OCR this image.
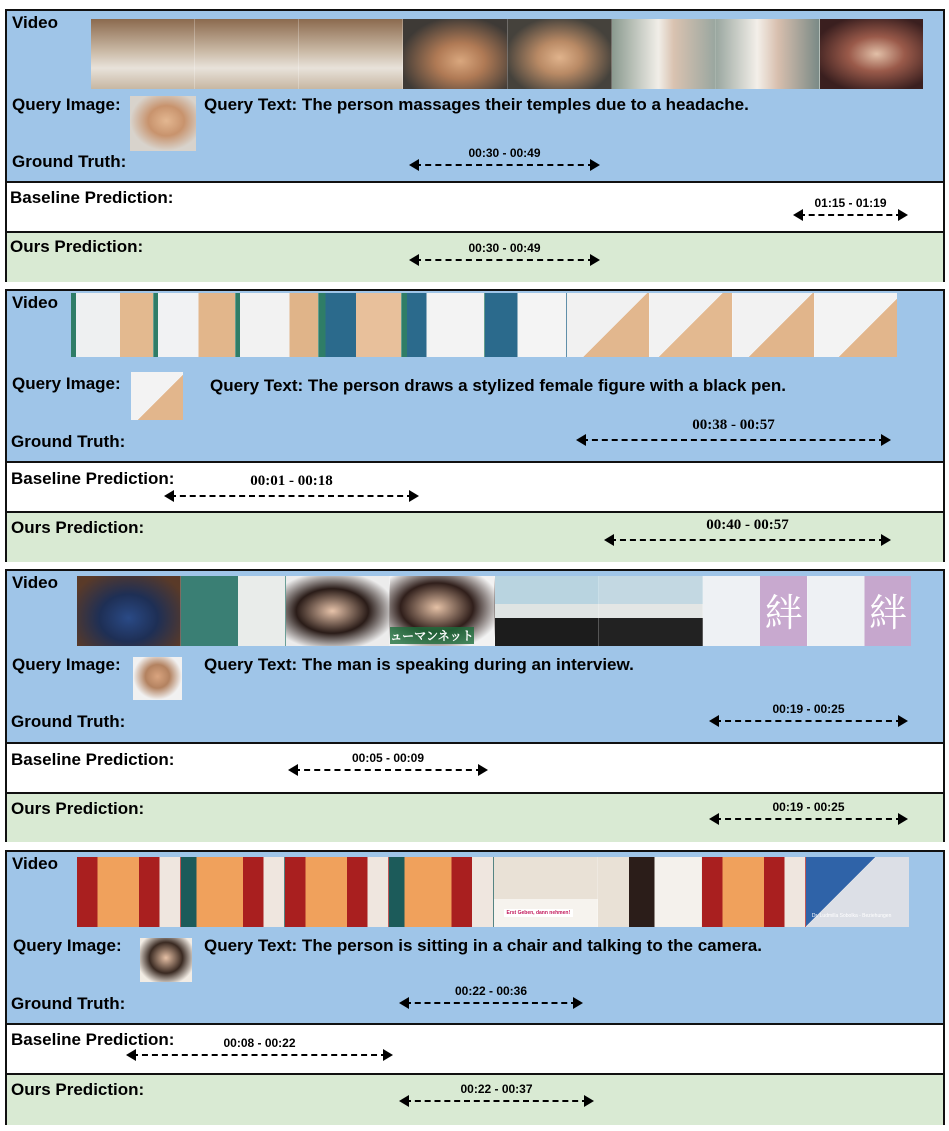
Video
Query Image:	Query Text: The person massages their temples due to a headache.
Ground Truth:	00:30 - 00:49
Baseline Prediction:	01:15 - 01:19
Ours Prediction:	00:30 - 00:49
Video
Query Image:	Query Text: The person draws a stylized female figure with a black pen.
Ground Truth:
00:38 - 00:57
Baseline Prediction:	00:01 - 00:18
Ours Prediction:	00:40 - 00:57
Video
ューマンネット
絆 絆
Query Image:	Query Text: The man is speaking during an interview.
Ground Truth:
00:19 - 00:25
Baseline Prediction:	00:05 - 00:09
Ours Prediction:	00:19 - 00:25
Video
Erst Geben, dann nehmen!	Dr. Ludmilla Sobolka - Beziehungen
Query Image:	Query Text: The person is sitting in a chair and talking to the camera.
Ground Truth:
00:22 - 00:36
Baseline Prediction:	00:08 - 00:22
Ours Prediction:	00:22 - 00:37
